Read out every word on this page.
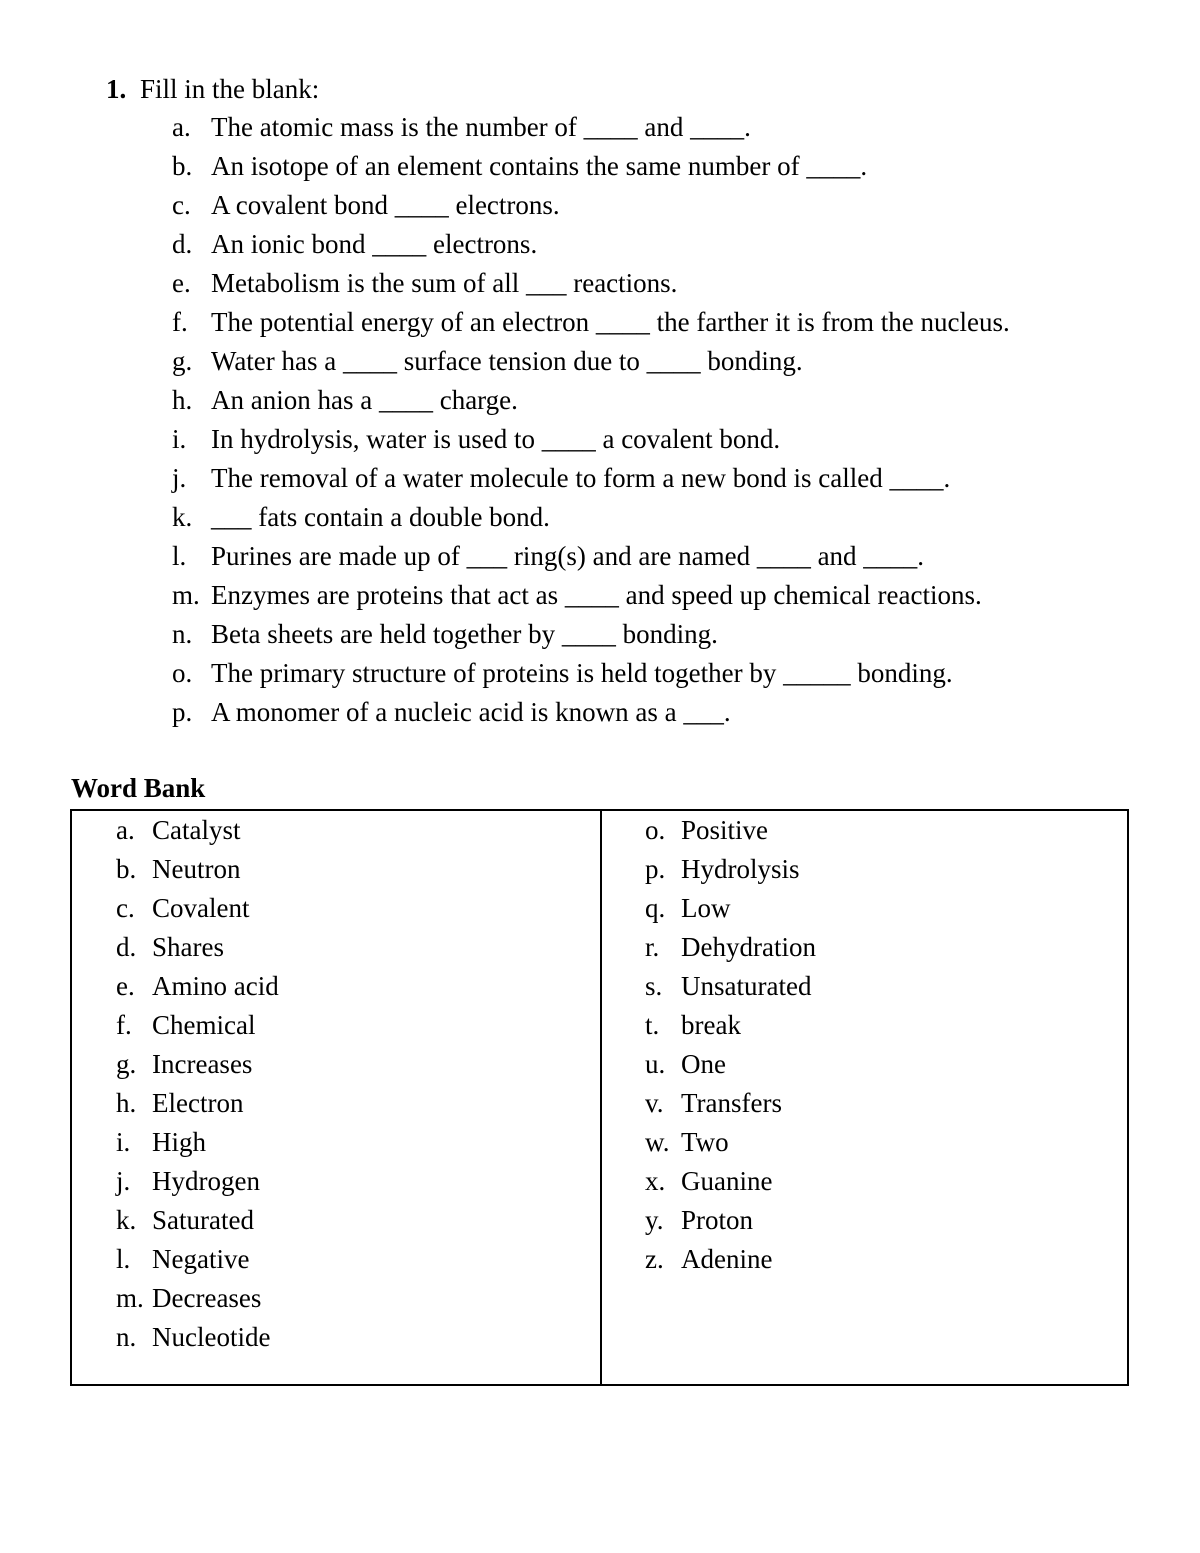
1. Fill in the blank:
a. The atomic mass is the number of ____ and ____.
b. An isotope of an element contains the same number of ____.
c. A covalent bond ____ electrons.
d. An ionic bond ____ electrons.
e. Metabolism is the sum of all ___ reactions.
f. The potential energy of an electron ____ the farther it is from the nucleus.
g. Water has a ____ surface tension due to ____ bonding.
h. An anion has a ____ charge.
i. In hydrolysis, water is used to ____ a covalent bond.
j. The removal of a water molecule to form a new bond is called ____.
k. ___ fats contain a double bond.
l. Purines are made up of ___ ring(s) and are named ____ and ____.
m. Enzymes are proteins that act as ____ and speed up chemical reactions.
n. Beta sheets are held together by ____ bonding.
o. The primary structure of proteins is held together by _____ bonding.
p. A monomer of a nucleic acid is known as a ___.
Word Bank
a. Catalyst
b. Neutron
c. Covalent
d. Shares
e. Amino acid
f. Chemical
g. Increases
h. Electron
i. High
j. Hydrogen
k. Saturated
l. Negative
m. Decreases
n. Nucleotide
o. Positive
p. Hydrolysis
q. Low
r. Dehydration
s. Unsaturated
t. break
u. One
v. Transfers
w. Two
x. Guanine
y. Proton
z. Adenine
